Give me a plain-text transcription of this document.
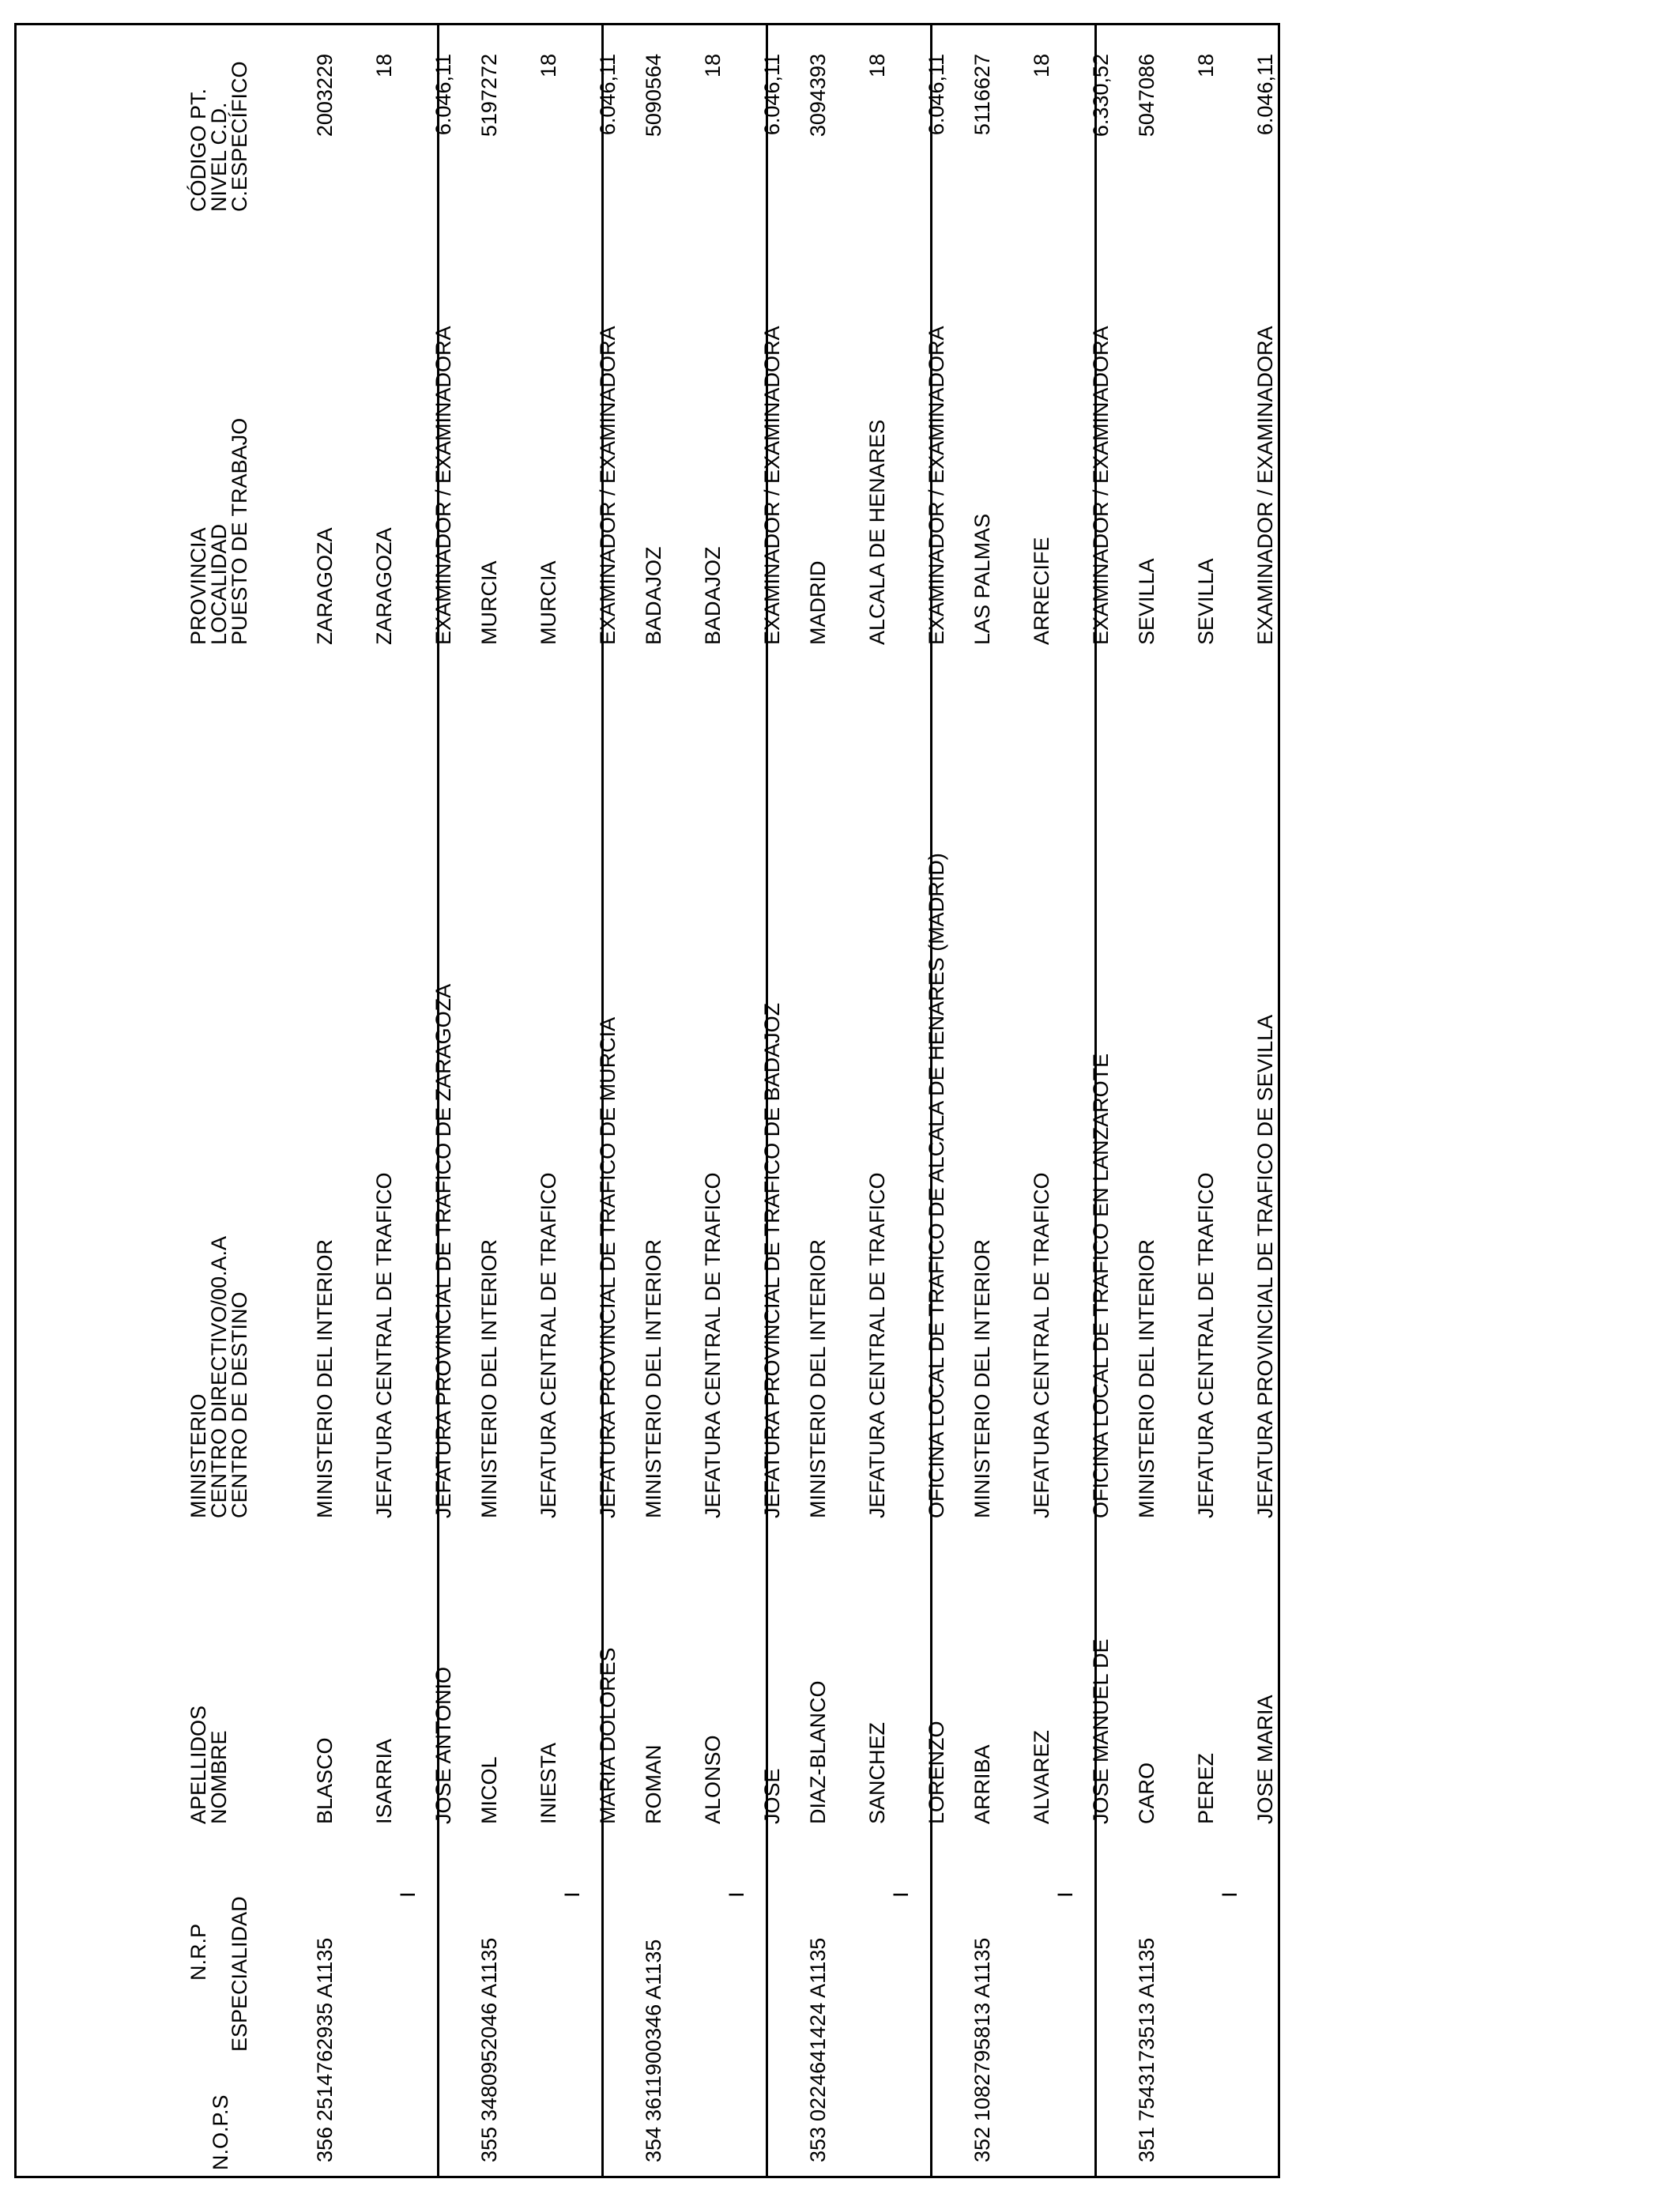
N.O.P.S
N.R.P ESPECIALIDAD
APELLIDOS
NOMBRE
MINISTERIO
CENTRO DIRECTIVO/00.A.A
CENTRO DE DESTINO
PROVINCIA
LOCALIDAD
PUESTO DE TRABAJO
CÓDIGO PT.
NIVEL C.D.
C.ESPECÍFICO
351
7543173513 A1135
CARO PEREZ JOSE MARIA
MINISTERIO DEL INTERIOR JEFATURA CENTRAL DE TRAFICO JEFATURA PROVINCIAL DE TRAFICO DE SEVILLA
SEVILLA SEVILLA EXAMINADOR / EXAMINADORA
5047086 18 6.046,11
I
352
1082795813 A1135
ARRIBA ALVAREZ JOSE MANUEL DE
MINISTERIO DEL INTERIOR JEFATURA CENTRAL DE TRAFICO OFICINA LOCAL DE TRAFICO EN LANZAROTE
LAS PALMAS ARRECIFE EXAMINADOR / EXAMINADORA
5116627 18 6.330,52
I
353
0224641424 A1135
DIAZ-BLANCO SANCHEZ LORENZO
MINISTERIO DEL INTERIOR JEFATURA CENTRAL DE TRAFICO OFICINA LOCAL DE TRAFICO DE ALCALA DE HENARES (MADRID)
MADRID ALCALA DE HENARES EXAMINADOR / EXAMINADORA
3094393 18 6.046,11
I
354
3611900346 A1135
ROMAN ALONSO JOSE
MINISTERIO DEL INTERIOR JEFATURA CENTRAL DE TRAFICO JEFATURA PROVINCIAL DE TRAFICO DE BADAJOZ
BADAJOZ BADAJOZ EXAMINADOR / EXAMINADORA
5090564 18 6.046,11
I
355
3480952046 A1135
MICOL INIESTA MARIA DOLORES
MINISTERIO DEL INTERIOR JEFATURA CENTRAL DE TRAFICO JEFATURA PROVINCIAL DE TRAFICO DE MURCIA
MURCIA MURCIA EXAMINADOR / EXAMINADORA
5197272 18 6.046,11
I
356
2514762935 A1135
BLASCO ISARRIA JOSE ANTONIO
MINISTERIO DEL INTERIOR JEFATURA CENTRAL DE TRAFICO JEFATURA PROVINCIAL DE TRAFICO DE ZARAGOZA
ZARAGOZA ZARAGOZA EXAMINADOR / EXAMINADORA
2003229 18 6.046,11
I
